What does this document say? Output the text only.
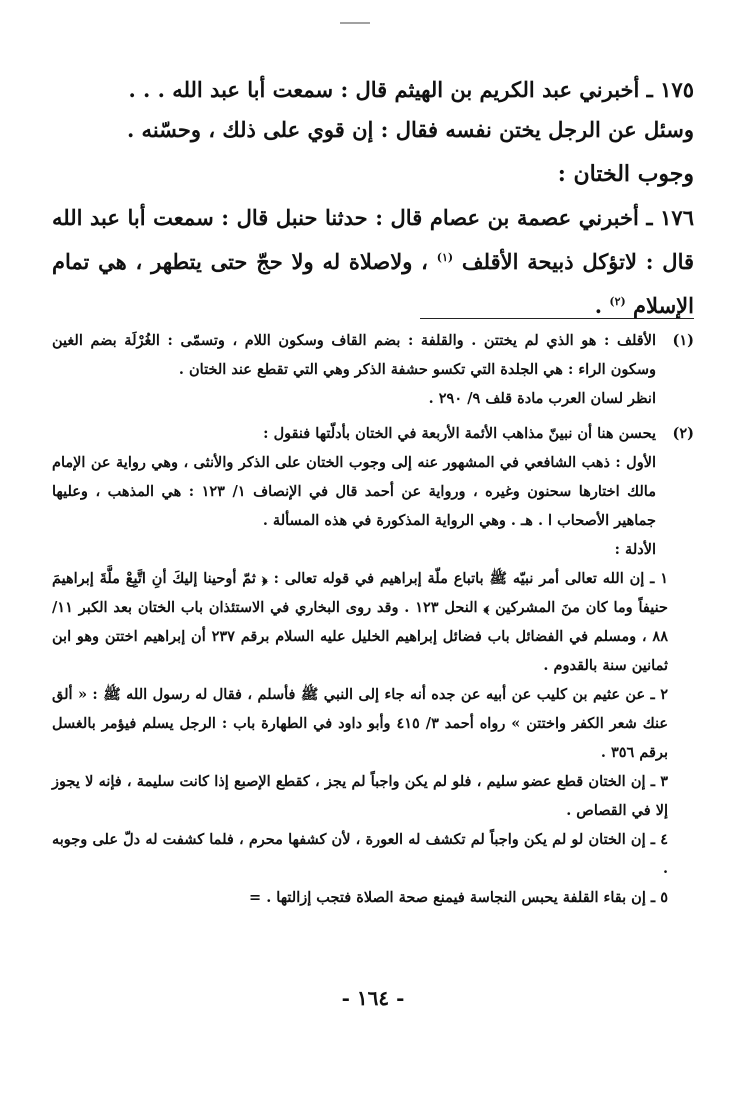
١٧٥ ـ أخبرني عبد الكريم بن الهيثم قال : سمعت أبا عبد الله . . .

وسئل عن الرجل يختن نفسه فقال : إن قوي على ذلك ، وحسّنه .

وجوب الختان :

١٧٦ ـ أخبرني عصمة بن عصام قال : حدثنا حنبل قال : سمعت أبا عبد الله قال : لاتؤكل ذبيحة الأقلف $^{(١)}$ ، ولاصلاة له ولا حجّ حتى يتطهر ، هي تمام الإسلام $^{(٢)}$ .

(١)
الأقلف : هو الذي لم يختتن . والقلفة : بضم القاف وسكون اللام ، وتسمّى : الغُرْلَة بضم الغين وسكون الراء : هي الجلدة التي تكسو حشفة الذكر وهي التي تقطع عند الختان .

انظر لسان العرب مادة قلف ٩/ ٢٩٠ .

(٢)
يحسن هنا أن نبينّ مذاهب الأئمة الأربعة في الختان بأدلّتها فنقول :

الأول : ذهب الشافعي في المشهور عنه إلى وجوب الختان على الذكر والأنثى ، وهي رواية عن الإمام مالك اختارها سحنون وغيره ، ورواية عن أحمد قال في الإنصاف ١/ ١٢٣ : هي المذهب ، وعليها جماهير الأصحاب ا . هـ . وهي الرواية المذكورة في هذه المسألة .

الأدلة :

١ ـ إن الله تعالى أمر نبيّه ﷺ باتباع ملّة إبراهيم في قوله تعالى : ﴿ ثمّ أوحينا إليكَ أنِ اتَّبِعْ ملَّةَ إبراهيمَ حنيفاً وما كان منَ المشركين ﴾ النحل ١٢٣ . وقد روى البخاري في الاستئذان باب الختان بعد الكبر ١١/ ٨٨ ، ومسلم في الفضائل باب فضائل إبراهيم الخليل عليه السلام برقم ٢٣٧ أن إبراهيم اختتن وهو ابن ثمانين سنة بالقدوم .

٢ ـ عن عثيم بن كليب عن أبيه عن جده أنه جاء إلى النبي ﷺ فأسلم ، فقال له رسول الله ﷺ : « ألق عنك شعر الكفر واختتن » رواه أحمد ٣/ ٤١٥ وأبو داود في الطهارة باب : الرجل يسلم فيؤمر بالغسل برقم ٣٥٦ .

٣ ـ إن الختان قطع عضو سليم ، فلو لم يكن واجباً لم يجز ، كقطع الإصبع إذا كانت سليمة ، فإنه لا يجوز إلا في القصاص .

٤ ـ إن الختان لو لم يكن واجباً لم تكشف له العورة ، لأن كشفها محرم ، فلما كشفت له دلّ على وجوبه .

٥ ـ إن بقاء القلفة يحبس النجاسة فيمنع صحة الصلاة فتجب إزالتها . =

- ١٦٤ -
